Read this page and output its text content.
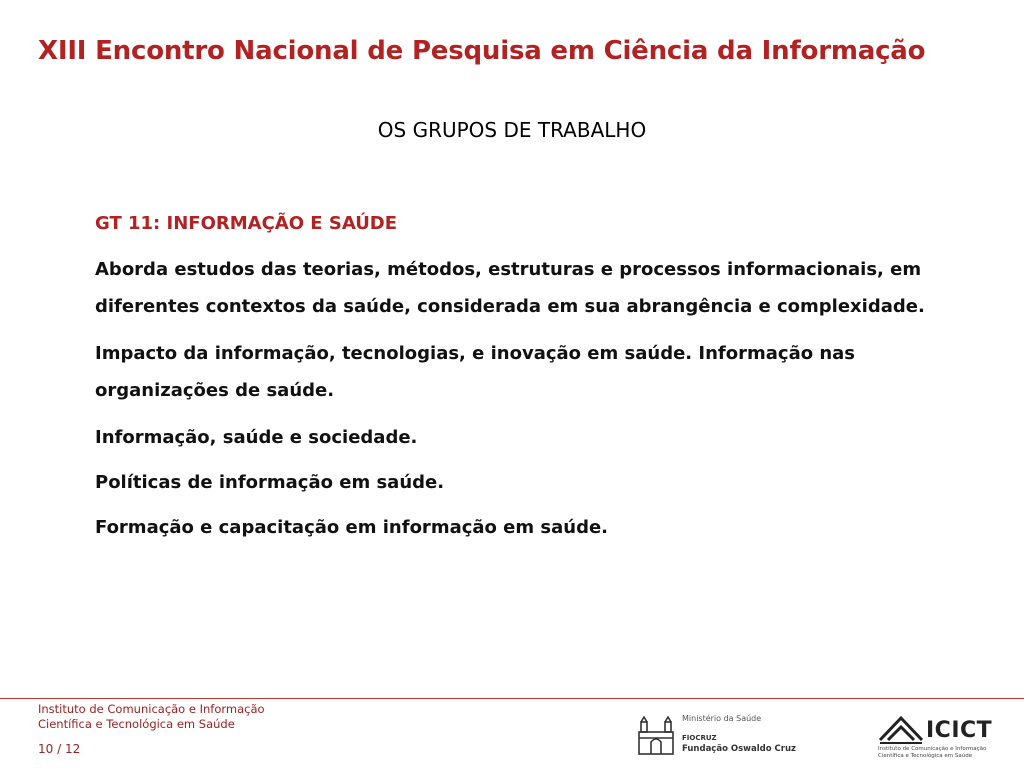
XIII Encontro Nacional de Pesquisa em Ciência da Informação
OS GRUPOS DE TRABALHO
GT 11: INFORMAÇÃO E SAÚDE
Aborda estudos das teorias, métodos, estruturas e processos informacionais, em diferentes contextos da saúde, considerada em sua abrangência e complexidade.
Impacto da informação, tecnologias, e inovação em saúde. Informação nas organizações de saúde.
Informação, saúde e sociedade.
Políticas de informação em saúde.
Formação e capacitação em informação em saúde.
Instituto de Comunicação e Informação
Científica e Tecnológica em Saúde
10 / 12
Ministério da Saúde
FIOCRUZ
Fundação Oswaldo Cruz
ICICT
Instituto de Comunicação e Informação Científica e Tecnológica em Saúde
